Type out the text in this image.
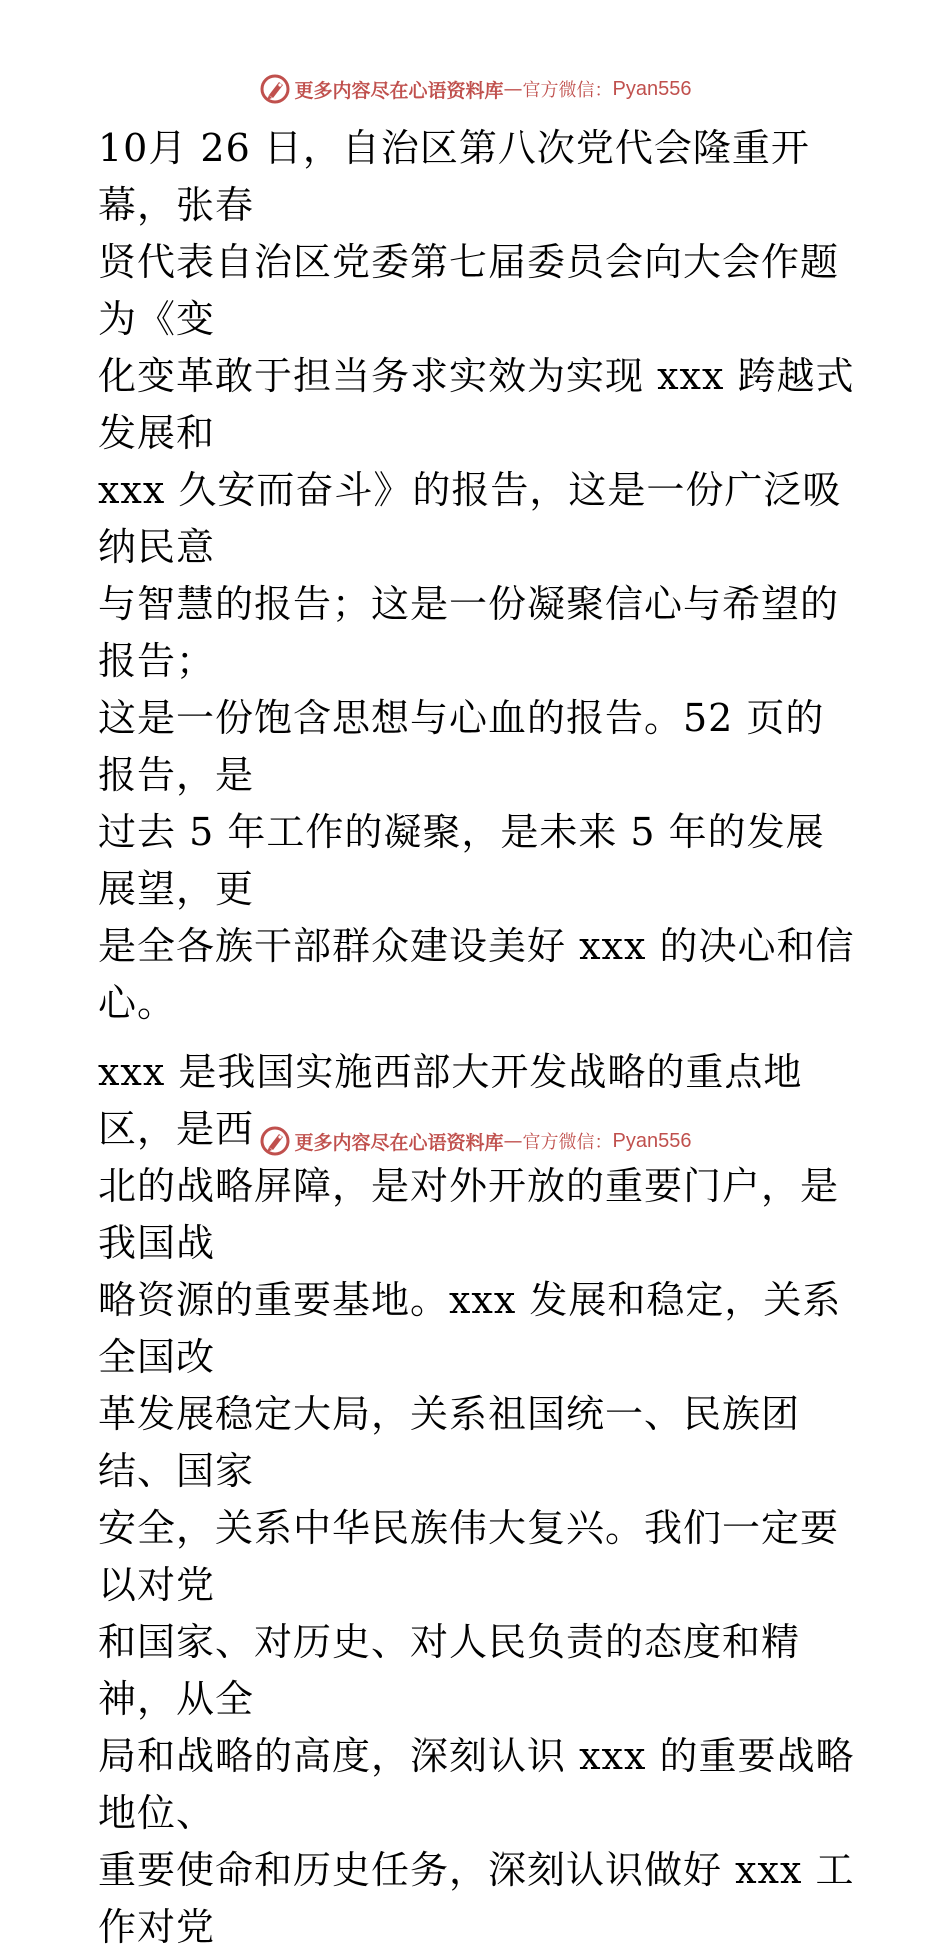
更多内容尽在心语资料库 — 官方微信： Pyan556

10月 26 日，自治区第八次党代会隆重开幕，张春
贤代表自治区党委第七届委员会向大会作题为《变
化变革敢于担当务求实效为实现 xxx 跨越式发展和
xxx 久安而奋斗》的报告，这是一份广泛吸纳民意
与智慧的报告；这是一份凝聚信心与希望的报告；
这是一份饱含思想与心血的报告。52 页的报告，是
过去 5 年工作的凝聚，是未来 5 年的发展展望，更
是全各族干部群众建设美好 xxx 的决心和信心。

xxx 是我国实施西部大开发战略的重点地区，是西
北的战略屏障，是对外开放的重要门户，是我国战
略资源的重要基地。xxx 发展和稳定，关系全国改
革发展稳定大局，关系祖国统一、民族团结、国家
安全，关系中华民族伟大复兴。我们一定要以对党
和国家、对历史、对人民负责的态度和精神，从全
局和战略的高度，深刻认识 xxx 的重要战略地位、
重要使命和历史任务，深刻认识做好 xxx 工作对党

更多内容尽在心语资料库 — 官方微信： Pyan556
